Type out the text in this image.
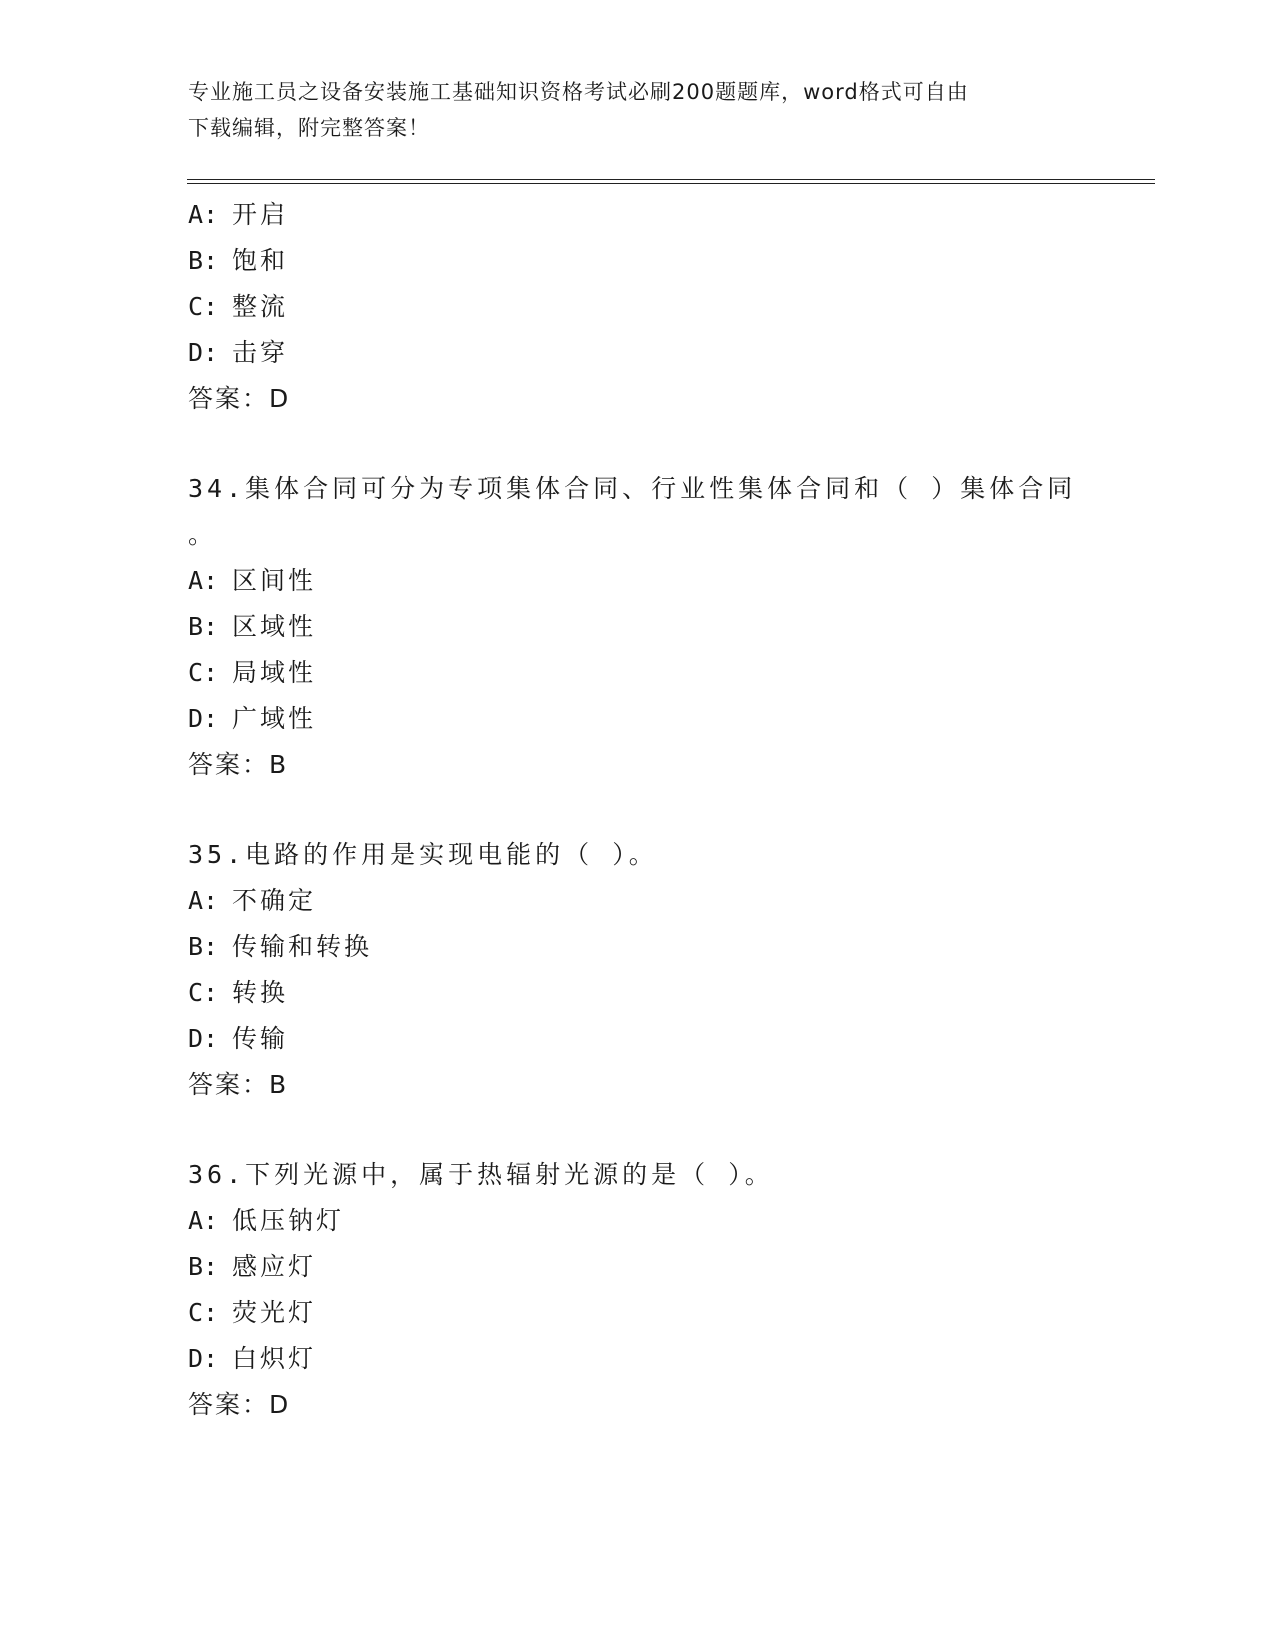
专业施工员之设备安装施工基础知识资格考试必刷200题题库，word格式可自由
下载编辑，附完整答案！
A: 开启
B: 饱和
C: 整流
D: 击穿
答案：D
34.集体合同可分为专项集体合同、行业性集体合同和（ ）集体合同
。
A: 区间性
B: 区域性
C: 局域性
D: 广域性
答案：B
35.电路的作用是实现电能的（ ）。
A: 不确定
B: 传输和转换
C: 转换
D: 传输
答案：B
36.下列光源中，属于热辐射光源的是（ ）。
A: 低压钠灯
B: 感应灯
C: 荧光灯
D: 白炽灯
答案：D
